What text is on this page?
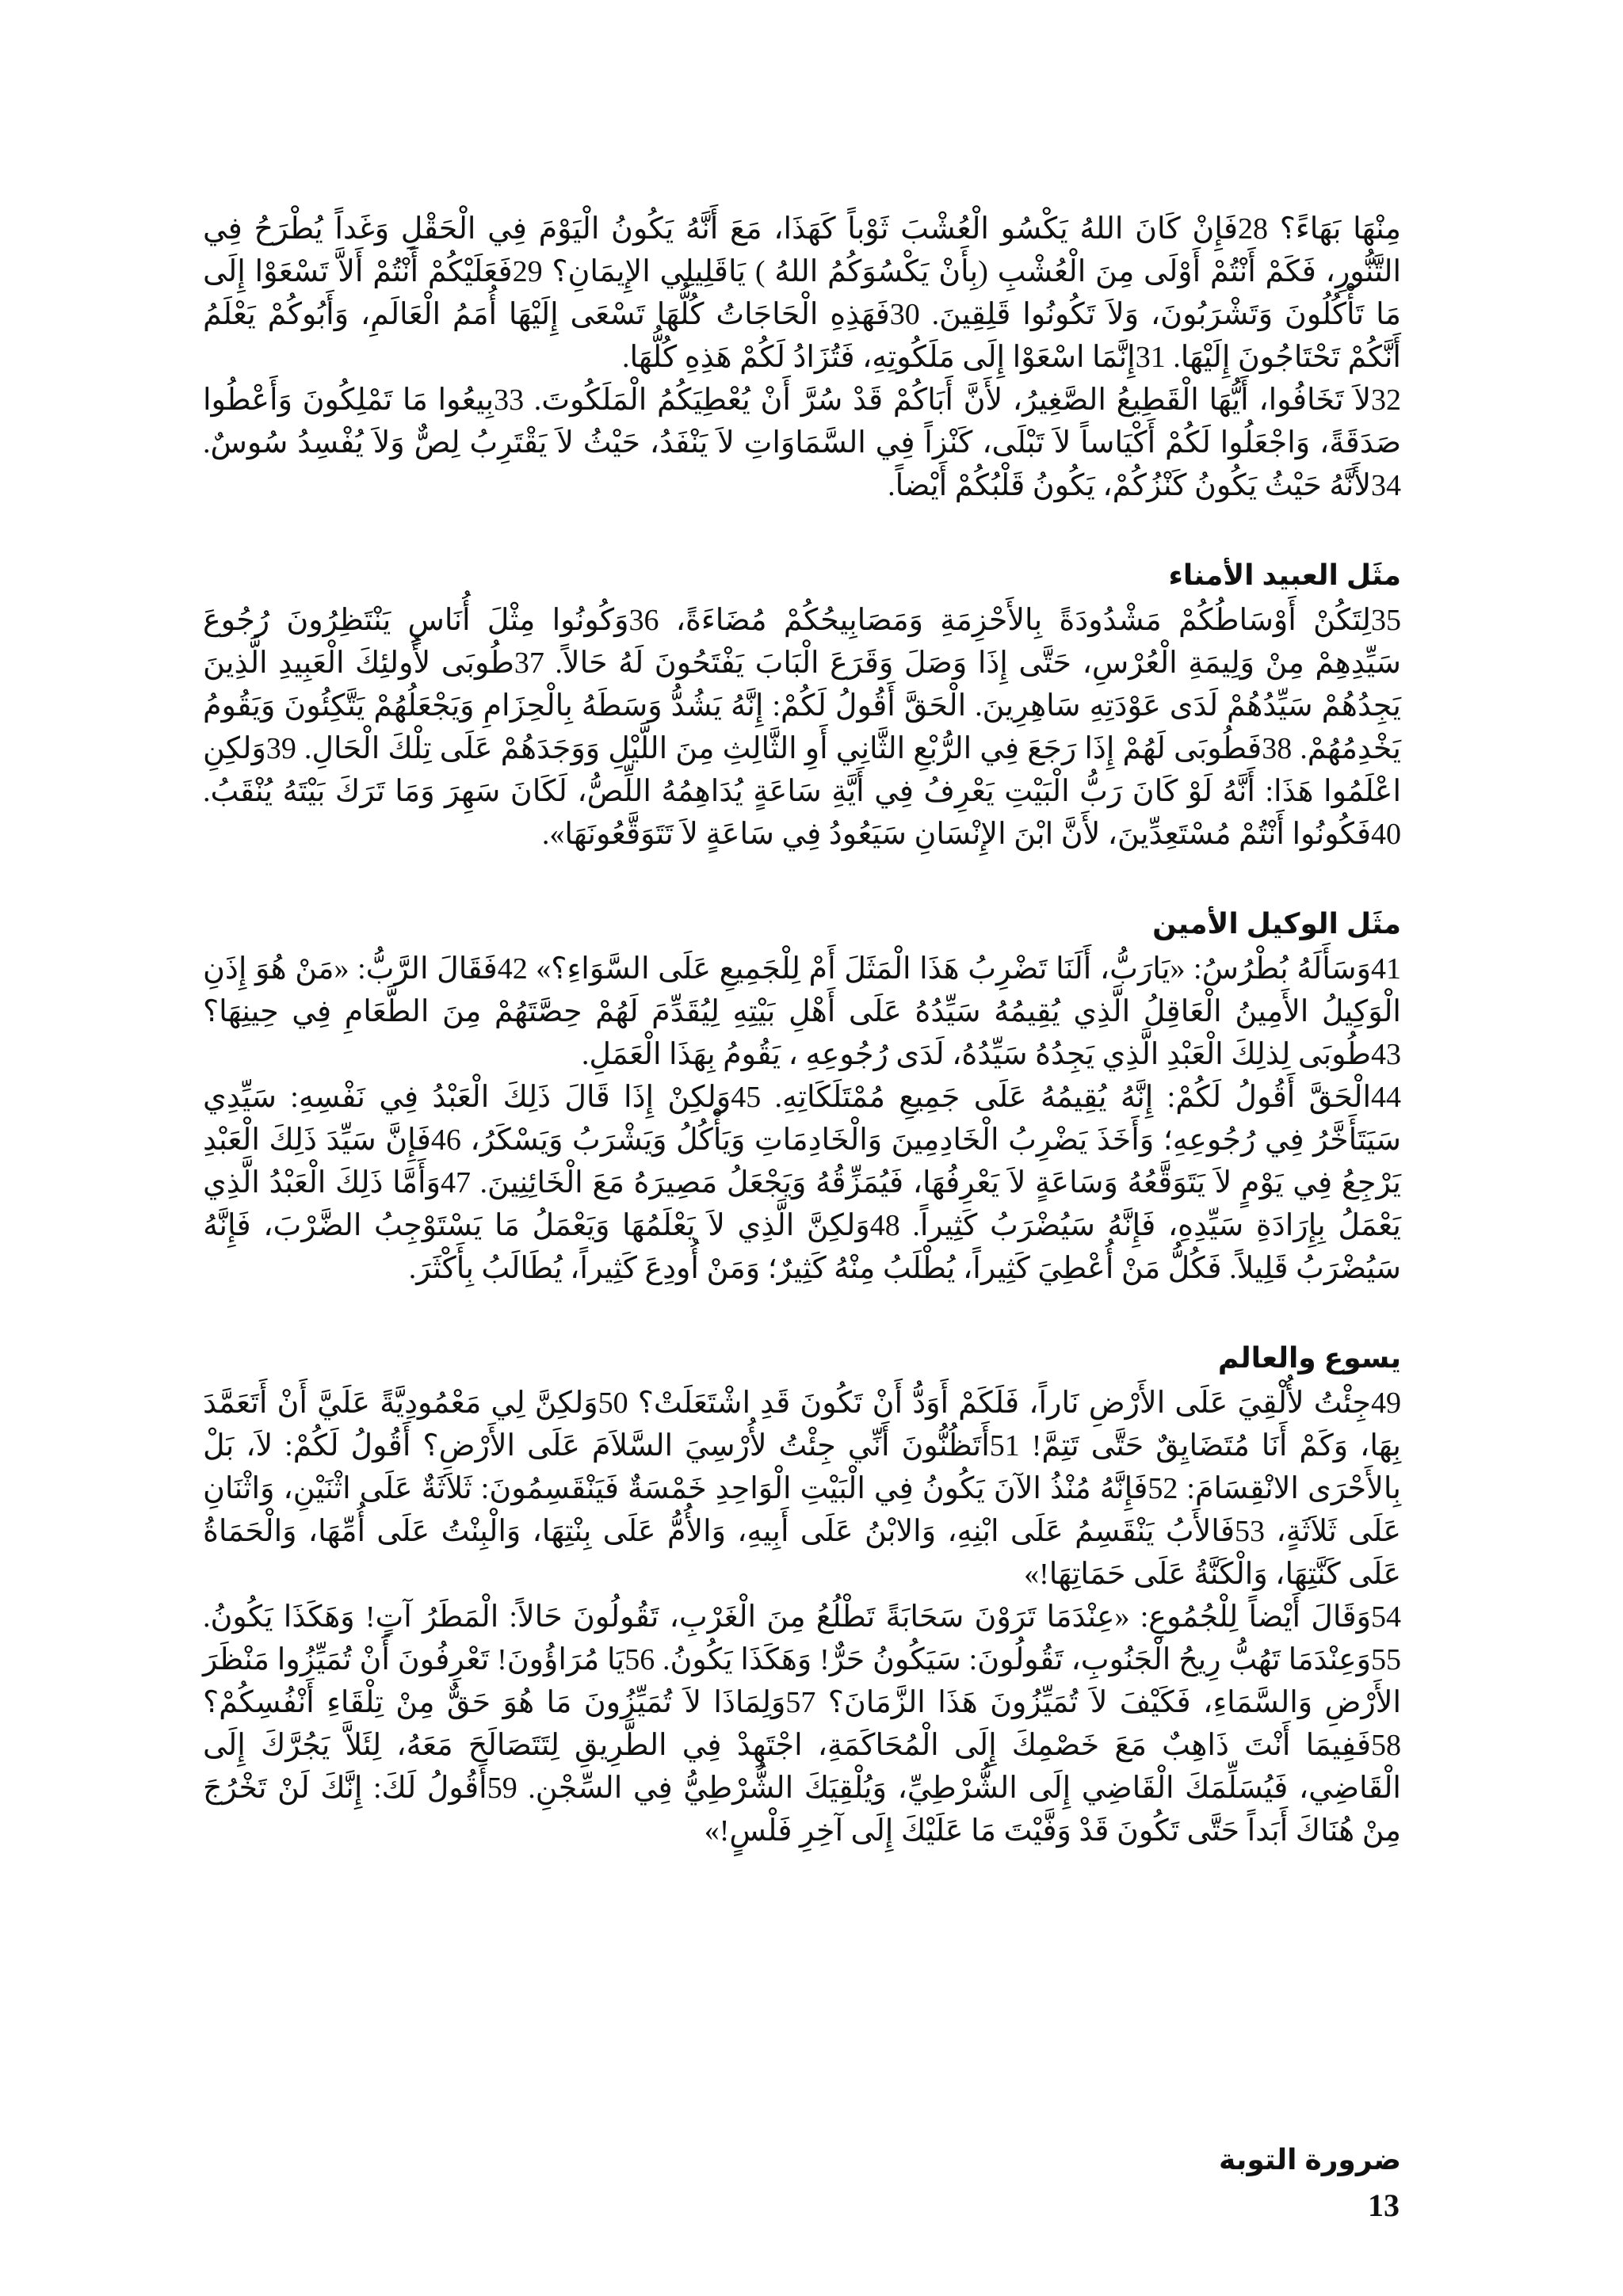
مِنْهَا بَهَاءً؟ 28فَإِنْ كَانَ اللهُ يَكْسُو الْعُشْبَ ثَوْباً كَهَذَا، مَعَ أَنَّهُ يَكُونُ الْيَوْمَ فِي الْحَقْلِ وَغَداً يُطْرَحُ فِي التَّنُّورِ، فَكَمْ أَنْتُمْ أَوْلَى مِنَ الْعُشْبِ (بِأَنْ يَكْسُوَكُمُ اللهُ ) يَاقَلِيلِي الإِيمَانِ؟ 29فَعَلَيْكُمْ أَنْتُمْ أَلاَّ تَسْعَوْا إِلَى مَا تَأْكُلُونَ وَتَشْرَبُونَ، وَلاَ تَكُونُوا قَلِقِينَ. 30فَهَذِهِ الْحَاجَاتُ كُلُّهَا تَسْعَى إِلَيْهَا أُمَمُ الْعَالَمِ، وَأَبُوكُمْ يَعْلَمُ أَنَّكُمْ تَحْتَاجُونَ إِلَيْهَا. 31إِنَّمَا اسْعَوْا إِلَى مَلَكُوتِهِ، فَتُزَادُ لَكُمْ هَذِهِ كُلُّهَا.

32لاَ تَخَافُوا، أَيُّهَا الْقَطِيعُ الصَّغِيرُ، لأَنَّ أَبَاكُمْ قَدْ سُرَّ أَنْ يُعْطِيَكُمُ الْمَلَكُوتَ. 33بِيعُوا مَا تَمْلِكُونَ وَأَعْطُوا صَدَقَةً، وَاجْعَلُوا لَكُمْ أَكْيَاساً لاَ تَبْلَى، كَنْزاً فِي السَّمَاوَاتِ لاَ يَنْفَدُ، حَيْثُ لاَ يَقْتَرِبُ لِصٌّ وَلاَ يُفْسِدُ سُوسٌ. 34لأَنَّهُ حَيْثُ يَكُونُ كَنْزُكُمْ، يَكُونُ قَلْبُكُمْ أَيْضاً.

مثَل العبيد الأمناء

35لِتَكُنْ أَوْسَاطُكُمْ مَشْدُودَةً بِالأَحْزِمَةِ وَمَصَابِيحُكُمْ مُضَاءَةً، 36وَكُونُوا مِثْلَ أُنَاسٍ يَنْتَظِرُونَ رُجُوعَ سَيِّدِهِمْ مِنْ وَلِيمَةِ الْعُرْسِ، حَتَّى إِذَا وَصَلَ وَقَرَعَ الْبَابَ يَفْتَحُونَ لَهُ حَالاً. 37طُوبَى لأُولئِكَ الْعَبِيدِ الَّذِينَ يَجِدُهُمْ سَيِّدُهُمْ لَدَى عَوْدَتِهِ سَاهِرِينَ. الْحَقَّ أَقُولُ لَكُمْ: إِنَّهُ يَشُدُّ وَسَطَهُ بِالْحِزَامِ وَيَجْعَلُهُمْ يَتَّكِئُونَ وَيَقُومُ يَخْدِمُهُمْ. 38فَطُوبَى لَهُمْ إِذَا رَجَعَ فِي الرُّبْعِ الثَّانِي أَوِ الثَّالِثِ مِنَ اللَّيْلِ وَوَجَدَهُمْ عَلَى تِلْكَ الْحَالِ. 39وَلكِنِ اعْلَمُوا هَذَا: أَنَّهُ لَوْ كَانَ رَبُّ الْبَيْتِ يَعْرِفُ فِي أَيَّةِ سَاعَةٍ يُدَاهِمُهُ اللِّصُّ، لَكَانَ سَهِرَ وَمَا تَرَكَ بَيْتَهُ يُنْقَبُ. 40فَكُونُوا أَنْتُمْ مُسْتَعِدِّينَ، لأَنَّ ابْنَ الإِنْسَانِ سَيَعُودُ فِي سَاعَةٍ لاَ تَتَوَقَّعُونَهَا».

مثَل الوكيل الأمين

41وَسَأَلَهُ بُطْرُسُ: «يَارَبُّ، أَلَنَا تَضْرِبُ هَذَا الْمَثَلَ أَمْ لِلْجَمِيعِ عَلَى السَّوَاءِ؟» 42فَقَالَ الرَّبُّ: «مَنْ هُوَ إِذَنِ الْوَكِيلُ الأَمِينُ الْعَاقِلُ الَّذِي يُقِيمُهُ سَيِّدُهُ عَلَى أَهْلِ بَيْتِهِ لِيُقَدِّمَ لَهُمْ حِصَّتَهُمْ مِنَ الطَّعَامِ فِي حِينِهَا؟ 43طُوبَى لِذلِكَ الْعَبْدِ الَّذِي يَجِدُهُ سَيِّدُهُ، لَدَى رُجُوعِهِ ، يَقُومُ بِهَذَا الْعَمَلِ.

44الْحَقَّ أَقُولُ لَكُمْ: إِنَّهُ يُقِيمُهُ عَلَى جَمِيعِ مُمْتَلَكَاتِهِ. 45وَلكِنْ إِذَا قَالَ ذَلِكَ الْعَبْدُ فِي نَفْسِهِ: سَيِّدِي سَيَتَأَخَّرُ فِي رُجُوعِهِ؛ وَأَخَذَ يَضْرِبُ الْخَادِمِينَ وَالْخَادِمَاتِ وَيَأْكُلُ وَيَشْرَبُ وَيَسْكَرُ، 46فَإِنَّ سَيِّدَ ذَلِكَ الْعَبْدِ يَرْجِعُ فِي يَوْمٍ لاَ يَتَوَقَّعُهُ وَسَاعَةٍ لاَ يَعْرِفُهَا، فَيُمَزِّقُهُ وَيَجْعَلُ مَصِيرَهُ مَعَ الْخَائِنِينَ. 47وَأَمَّا ذَلِكَ الْعَبْدُ الَّذِي يَعْمَلُ بِإِرَادَةِ سَيِّدِهِ، فَإِنَّهُ سَيُضْرَبُ كَثِيراً. 48وَلكِنَّ الَّذِي لاَ يَعْلَمُهَا وَيَعْمَلُ مَا يَسْتَوْجِبُ الضَّرْبَ، فَإِنَّهُ سَيُضْرَبُ قَلِيلاً. فَكُلُّ مَنْ أُعْطِيَ كَثِيراً، يُطْلَبُ مِنْهُ كَثِيرٌ؛ وَمَنْ أُودِعَ كَثِيراً، يُطَالَبُ بِأَكْثَرَ.

يسوع والعالم

49جِئْتُ لأُلْقِيَ عَلَى الأَرْضِ نَاراً، فَلَكَمْ أَوَدُّ أَنْ تَكُونَ قَدِ اشْتَعَلَتْ؟ 50وَلكِنَّ لِي مَعْمُودِيَّةً عَلَيَّ أَنْ أَتَعَمَّدَ بِهَا، وَكَمْ أَنَا مُتَضَايِقٌ حَتَّى تَتِمَّ! 51أَتَظُنُّونَ أَنِّي جِئْتُ لأُرْسِيَ السَّلاَمَ عَلَى الأَرْضِ؟ أَقُولُ لَكُمْ: لاَ، بَلْ بِالأَحْرَى الانْقِسَامَ: 52فَإِنَّهُ مُنْذُ الآنَ يَكُونُ فِي الْبَيْتِ الْوَاحِدِ خَمْسَةٌ فَيَنْقَسِمُونَ: ثَلاَثَةٌ عَلَى اثْنَيْنِ، وَاثْنَانِ عَلَى ثَلاَثَةٍ، 53فَالأَبُ يَنْقَسِمُ عَلَى ابْنِهِ، وَالابْنُ عَلَى أَبِيهِ، وَالأُمُّ عَلَى بِنْتِهَا، وَالْبِنْتُ عَلَى أُمِّهَا، وَالْحَمَاةُ عَلَى كَنَّتِهَا، وَالْكَنَّةُ عَلَى حَمَاتِهَا!»

54وَقَالَ أَيْضاً لِلْجُمُوعِ: «عِنْدَمَا تَرَوْنَ سَحَابَةً تَطْلُعُ مِنَ الْغَرْبِ، تَقُولُونَ حَالاً: الْمَطَرُ آتٍ! وَهَكَذَا يَكُونُ. 55وَعِنْدَمَا تَهُبُّ رِيحُ الْجَنُوبِ، تَقُولُونَ: سَيَكُونُ حَرٌّ! وَهَكَذَا يَكُونُ. 56يَا مُرَاؤُونَ! تَعْرِفُونَ أَنْ تُمَيِّزُوا مَنْظَرَ الأَرْضِ وَالسَّمَاءِ، فَكَيْفَ لاَ تُمَيِّزُونَ هَذَا الزَّمَانَ؟ 57وَلِمَاذَا لاَ تُمَيِّزُونَ مَا هُوَ حَقٌّ مِنْ تِلْقَاءِ أَنْفُسِكُمْ؟ 58فَفِيمَا أَنْتَ ذَاهِبٌ مَعَ خَصْمِكَ إِلَى الْمُحَاكَمَةِ، اجْتَهِدْ فِي الطَّرِيقِ لِتَتَصَالَحَ مَعَهُ، لِئَلاَّ يَجُرَّكَ إِلَى الْقَاضِي، فَيُسَلِّمَكَ الْقَاضِي إِلَى الشُّرْطِيِّ، وَيُلْقِيَكَ الشُّرْطِيُّ فِي السِّجْنِ. 59أَقُولُ لَكَ: إِنَّكَ لَنْ تَخْرُجَ مِنْ هُنَاكَ أَبَداً حَتَّى تَكُونَ قَدْ وَفَّيْتَ مَا عَلَيْكَ إِلَى آخِرِ فَلْسٍ!»

ضرورة التوبة
13
